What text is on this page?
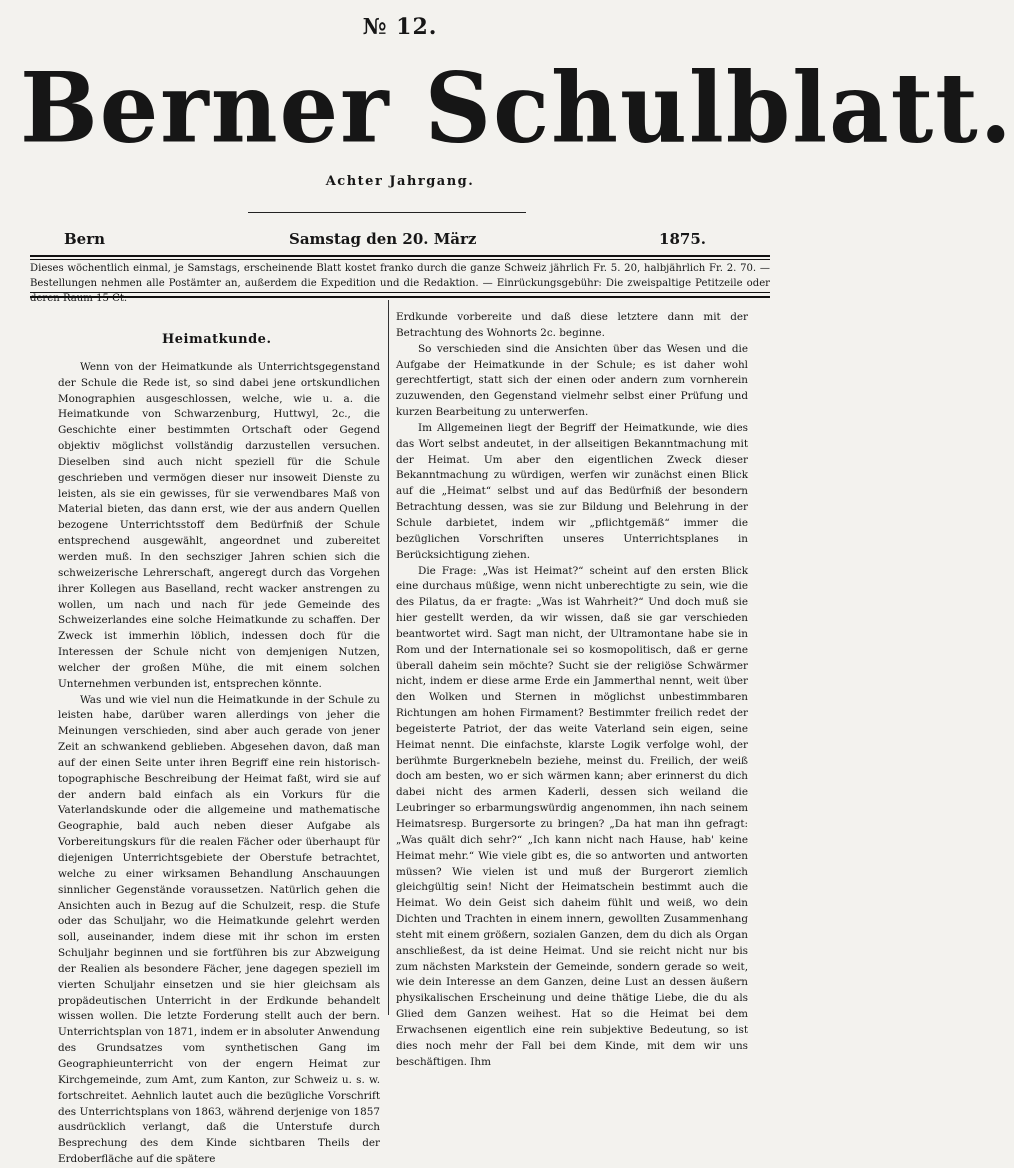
№ 12.
Berner Schulblatt.
Achter Jahrgang.
Bern	Samstag den 20. März	1875.
Dieses wöchentlich einmal, je Samstags, erscheinende Blatt kostet franko durch die ganze Schweiz jährlich Fr. 5. 20, halbjährlich Fr. 2. 70. — Bestellungen nehmen alle Postämter an, außerdem die Expedition und die Redaktion. — Einrückungsgebühr: Die zweispaltige Petitzeile oder deren Raum 15 Ct.
Heimatkunde.

Wenn von der Heimatkunde als Unterrichtsgegenstand der Schule die Rede ist, so sind dabei jene ortskundlichen Monographien ausgeschlossen, welche, wie u. a. die Heimatkunde von Schwarzenburg, Huttwyl, 2c., die Geschichte einer bestimmten Ortschaft oder Gegend objektiv möglichst vollständig darzustellen versuchen. Dieselben sind auch nicht speziell für die Schule geschrieben und vermögen dieser nur insoweit Dienste zu leisten, als sie ein gewisses, für sie verwendbares Maß von Material bieten, das dann erst, wie der aus andern Quellen bezogene Unterrichtsstoff dem Bedürfniß der Schule entsprechend ausgewählt, angeordnet und zubereitet werden muß. In den sechsziger Jahren schien sich die schweizerische Lehrerschaft, angeregt durch das Vorgehen ihrer Kollegen aus Baselland, recht wacker anstrengen zu wollen, um nach und nach für jede Gemeinde des Schweizerlandes eine solche Heimatkunde zu schaffen. Der Zweck ist immerhin löblich, indessen doch für die Interessen der Schule nicht von demjenigen Nutzen, welcher der großen Mühe, die mit einem solchen Unternehmen verbunden ist, entsprechen könnte.

Was und wie viel nun die Heimatkunde in der Schule zu leisten habe, darüber waren allerdings von jeher die Meinungen verschieden, sind aber auch gerade von jener Zeit an schwankend geblieben. Abgesehen davon, daß man auf der einen Seite unter ihren Begriff eine rein historisch-topographische Beschreibung der Heimat faßt, wird sie auf der andern bald einfach als ein Vorkurs für die Vaterlandskunde oder die allgemeine und mathematische Geographie, bald auch neben dieser Aufgabe als Vorbereitungskurs für die realen Fächer oder überhaupt für diejenigen Unterrichtsgebiete der Oberstufe betrachtet, welche zu einer wirksamen Behandlung Anschauungen sinnlicher Gegenstände voraussetzen. Natürlich gehen die Ansichten auch in Bezug auf die Schulzeit, resp. die Stufe oder das Schuljahr, wo die Heimatkunde gelehrt werden soll, auseinander, indem diese mit ihr schon im ersten Schuljahr beginnen und sie fortführen bis zur Abzweigung der Realien als besondere Fächer, jene dagegen speziell im vierten Schuljahr einsetzen und sie hier gleichsam als propädeutischen Unterricht in der Erdkunde behandelt wissen wollen. Die letzte Forderung stellt auch der bern. Unterrichtsplan von 1871, indem er in absoluter Anwendung des Grundsatzes vom synthetischen Gang im Geographieunterricht von der engern Heimat zur Kirchgemeinde, zum Amt, zum Kanton, zur Schweiz u. s. w. fortschreitet. Aehnlich lautet auch die bezügliche Vorschrift des Unterrichtsplans von 1863, während derjenige von 1857 ausdrücklich verlangt, daß die Unterstufe durch Besprechung des dem Kinde sichtbaren Theils der Erdoberfläche auf die spätere

Erdkunde vorbereite und daß diese letztere dann mit der Betrachtung des Wohnorts 2c. beginne.

So verschieden sind die Ansichten über das Wesen und die Aufgabe der Heimatkunde in der Schule; es ist daher wohl gerechtfertigt, statt sich der einen oder andern zum vornherein zuzuwenden, den Gegenstand vielmehr selbst einer Prüfung und kurzen Bearbeitung zu unterwerfen.

Im Allgemeinen liegt der Begriff der Heimatkunde, wie dies das Wort selbst andeutet, in der allseitigen Bekanntmachung mit der Heimat. Um aber den eigentlichen Zweck dieser Bekanntmachung zu würdigen, werfen wir zunächst einen Blick auf die „Heimat“ selbst und auf das Bedürfniß der besondern Betrachtung dessen, was sie zur Bildung und Belehrung in der Schule darbietet, indem wir „pflichtgemäß“ immer die bezüglichen Vorschriften unseres Unterrichtsplanes in Berücksichtigung ziehen.

Die Frage: „Was ist Heimat?“ scheint auf den ersten Blick eine durchaus müßige, wenn nicht unberechtigte zu sein, wie die des Pilatus, da er fragte: „Was ist Wahrheit?“ Und doch muß sie hier gestellt werden, da wir wissen, daß sie gar verschieden beantwortet wird. Sagt man nicht, der Ultramontane habe sie in Rom und der Internationale sei so kosmopolitisch, daß er gerne überall daheim sein möchte? Sucht sie der religiöse Schwärmer nicht, indem er diese arme Erde ein Jammerthal nennt, weit über den Wolken und Sternen in möglichst unbestimmbaren Richtungen am hohen Firmament? Bestimmter freilich redet der begeisterte Patriot, der das weite Vaterland sein eigen, seine Heimat nennt. Die einfachste, klarste Logik verfolge wohl, der berühmte Burgerknebeln beziehe, meinst du. Freilich, der weiß doch am besten, wo er sich wärmen kann; aber erinnerst du dich dabei nicht des armen Kaderli, dessen sich weiland die Leubringer so erbarmungswürdig angenommen, ihn nach seinem Heimatsresp. Burgersorte zu bringen? „Da hat man ihn gefragt: „Was quält dich sehr?“ „Ich kann nicht nach Hause, hab' keine Heimat mehr.“ Wie viele gibt es, die so antworten und antworten müssen? Wie vielen ist und muß der Burgerort ziemlich gleichgültig sein! Nicht der Heimatschein bestimmt auch die Heimat. Wo dein Geist sich daheim fühlt und weiß, wo dein Dichten und Trachten in einem innern, gewollten Zusammenhang steht mit einem größern, sozialen Ganzen, dem du dich als Organ anschließest, da ist deine Heimat. Und sie reicht nicht nur bis zum nächsten Markstein der Gemeinde, sondern gerade so weit, wie dein Interesse an dem Ganzen, deine Lust an dessen äußern physikalischen Erscheinung und deine thätige Liebe, die du als Glied dem Ganzen weihest. Hat so die Heimat bei dem Erwachsenen eigentlich eine rein subjektive Bedeutung, so ist dies noch mehr der Fall bei dem Kinde, mit dem wir uns beschäftigen. Ihm
